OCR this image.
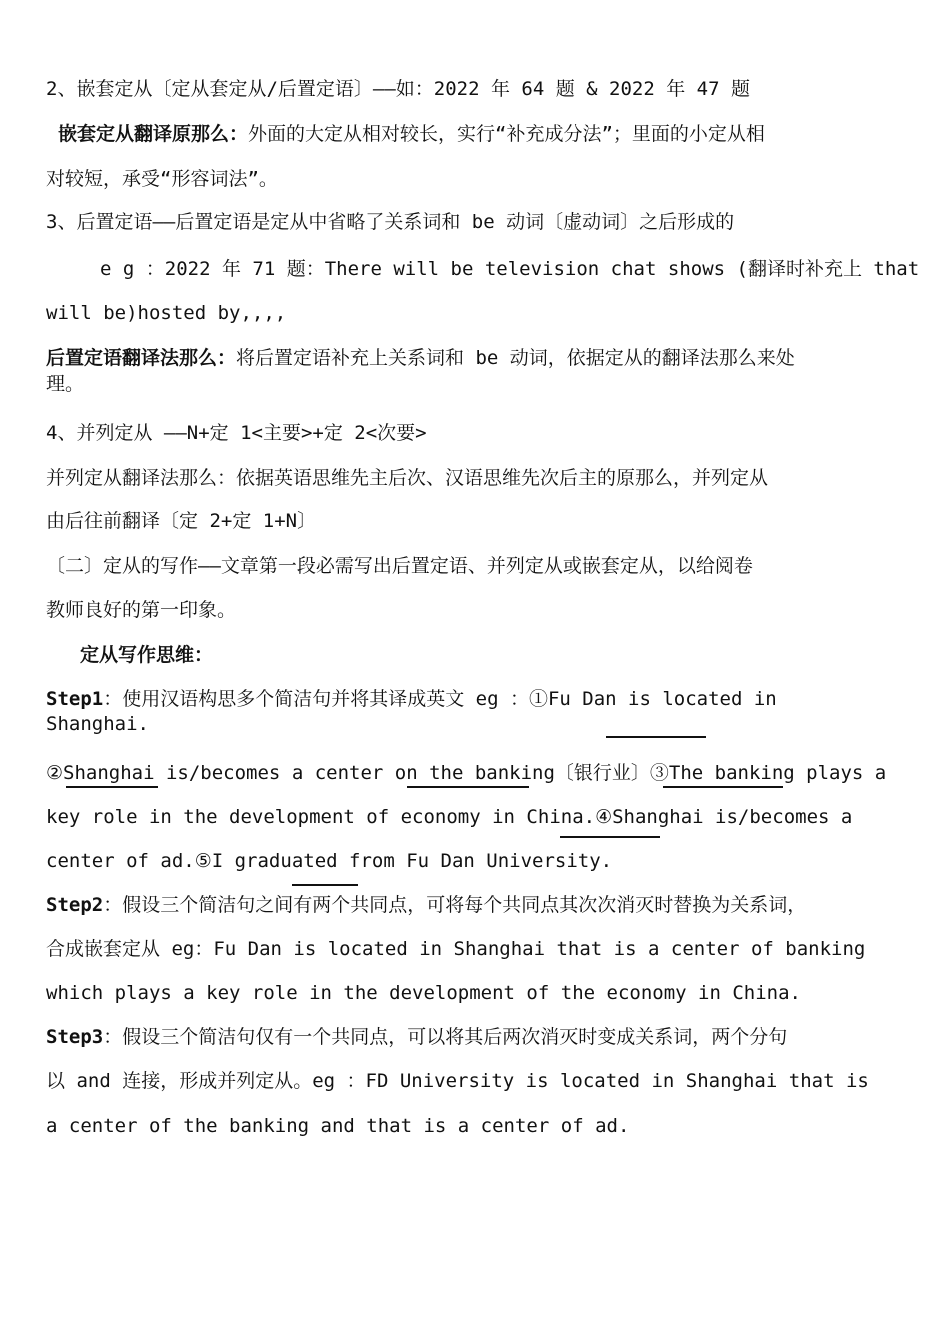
2、嵌套定从〔定从套定从/后置定语〕——如：2022 年 64 题 & 2022 年 47 题
嵌套定从翻译原那么：外面的大定从相对较长，实行“补充成分法”；里面的小定从相
对较短，承受“形容词法”。
3、后置定语——后置定语是定从中省略了关系词和 be 动词〔虚动词〕之后形成的
e g ：2022 年 71 题：There will be television chat shows (翻译时补充上 that
will be)hosted by,,,,
后置定语翻译法那么：将后置定语补充上关系词和 be 动词，依据定从的翻译法那么来处
理。
4、并列定从 ——N+定 1<主要>+定 2<次要>
并列定从翻译法那么：依据英语思维先主后次、汉语思维先次后主的原那么，并列定从
由后往前翻译〔定 2+定 1+N〕
〔二〕定从的写作——文章第一段必需写出后置定语、并列定从或嵌套定从，以给阅卷
教师良好的第一印象。
定从写作思维：
Step1：使用汉语构思多个简洁句并将其译成英文 eg ：①Fu Dan is located in
Shanghai.
②Shanghai is/becomes a center on the banking〔银行业〕③The banking plays a
key role in the development of economy in China.④Shanghai is/becomes a
center of ad.⑤I graduated from Fu Dan University.
Step2：假设三个简洁句之间有两个共同点，可将每个共同点其次次消灭时替换为关系词，
合成嵌套定从 eg：Fu Dan is located in Shanghai that is a center of banking
which plays a key role in the development of the economy in China.
Step3：假设三个简洁句仅有一个共同点，可以将其后两次消灭时变成关系词，两个分句
以 and 连接，形成并列定从。eg ：FD University is located in Shanghai that is
a center of the banking and that is a center of ad.
